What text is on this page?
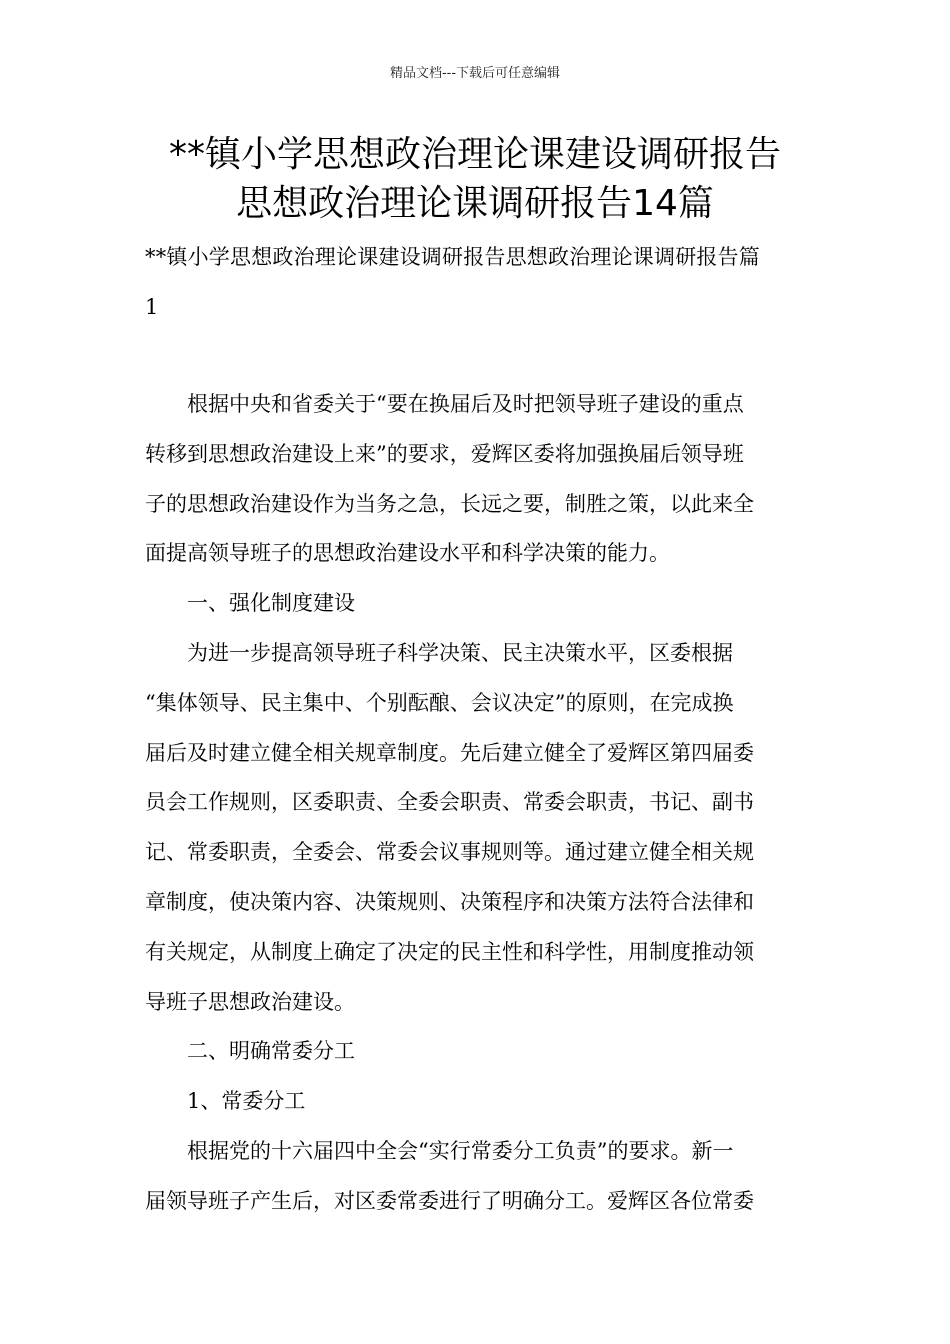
精品文档---下载后可任意编辑
**镇小学思想政治理论课建设调研报告
思想政治理论课调研报告14篇
**镇小学思想政治理论课建设调研报告思想政治理论课调研报告篇
1
根据中央和省委关于“要在换届后及时把领导班子建设的重点
转移到思想政治建设上来”的要求，爱辉区委将加强换届后领导班
子的思想政治建设作为当务之急，长远之要，制胜之策，以此来全
面提高领导班子的思想政治建设水平和科学决策的能力。
一、强化制度建设
为进一步提高领导班子科学决策、民主决策水平，区委根据
“集体领导、民主集中、个别酝酿、会议决定”的原则，在完成换
届后及时建立健全相关规章制度。先后建立健全了爱辉区第四届委
员会工作规则，区委职责、全委会职责、常委会职责，书记、副书
记、常委职责，全委会、常委会议事规则等。通过建立健全相关规
章制度，使决策内容、决策规则、决策程序和决策方法符合法律和
有关规定，从制度上确定了决定的民主性和科学性，用制度推动领
导班子思想政治建设。
二、明确常委分工
1、常委分工
根据党的十六届四中全会“实行常委分工负责”的要求。新一
届领导班子产生后，对区委常委进行了明确分工。爱辉区各位常委
